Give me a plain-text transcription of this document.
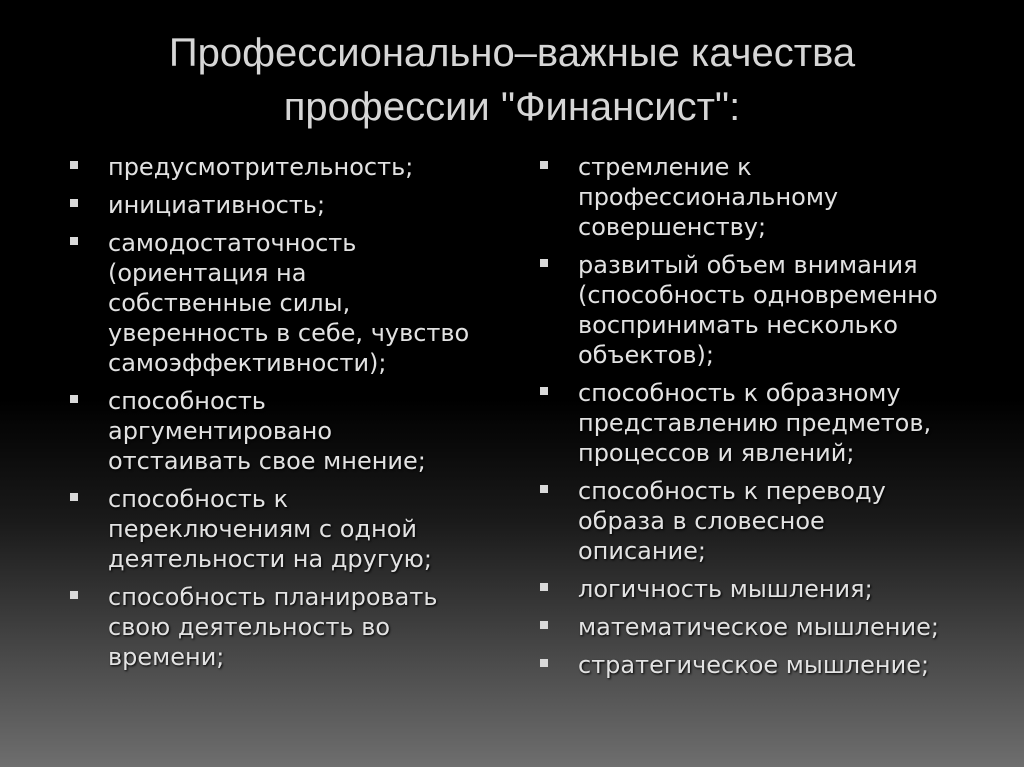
Профессионально–важные качества
профессии "Финансист":
предусмотрительность;
инициативность;
самодостаточность
(ориентация на
собственные силы,
уверенность в себе, чувство
самоэффективности);
способность
аргументировано
отстаивать свое мнение;
способность к
переключениям с одной
деятельности на другую;
способность планировать
свою деятельность во
времени;
стремление к
профессиональному
совершенству;
развитый объем внимания
(способность одновременно
воспринимать несколько
объектов);
способность к образному
представлению предметов,
процессов и явлений;
способность к переводу
образа в словесное
описание;
логичность мышления;
математическое мышление;
стратегическое мышление;
